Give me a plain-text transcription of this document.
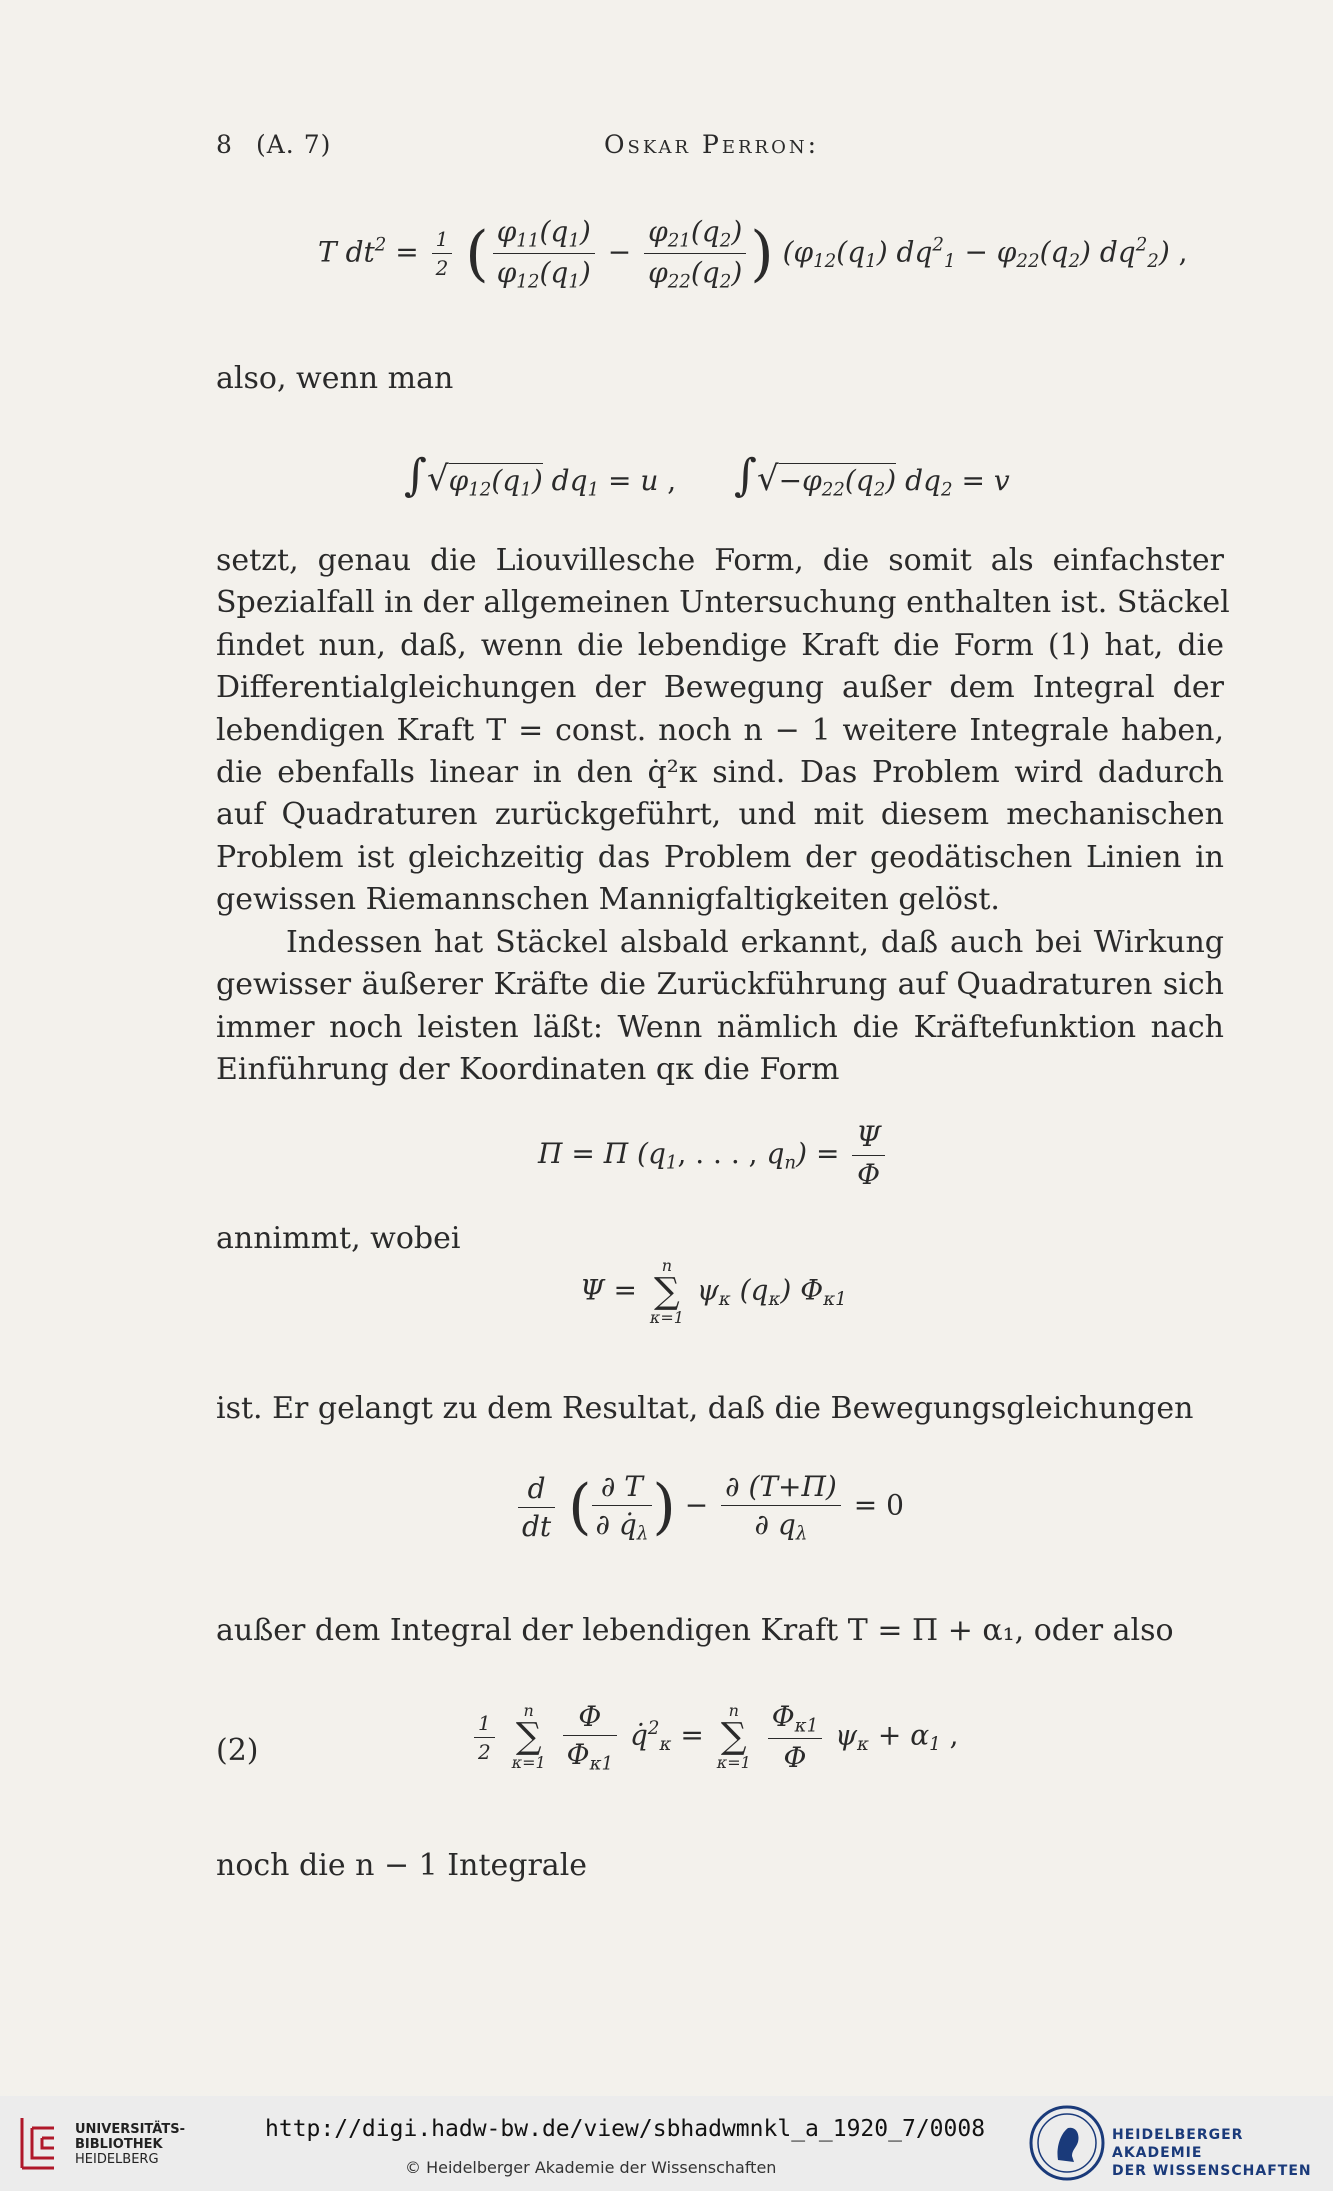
8 (A. 7)	Oskar Perron:
T $dt^2 = \frac{1}{2}$ ( $\frac{\varphi_{11}(q_1)}{\varphi_{12}(q_1)} - \frac{\varphi_{21}(q_2)}{\varphi_{22}(q_2)}$ ) ($\varphi_{12}(q_1) dq^2_1 - \varphi_{22}(q_2)$ $dq^2_2$) ,
also, wenn man
$\int√\varphi_{12}(q_1) dq_1 = u$ , $\int√-\varphi_{22}(q_2) dq_2 = v$
setzt, genau die Liouvillesche Form, die somit als einfachster
Spezialfall in der allgemeinen Untersuchung enthalten ist. Stäckel
findet nun, daß, wenn die lebendige Kraft die Form (1) hat, die
Differentialgleichungen der Bewegung außer dem Integral der
lebendigen Kraft T = const. noch n − 1 weitere Integrale haben,
die ebenfalls linear in den q̇²κ sind. Das Problem wird dadurch
auf Quadraturen zurückgeführt, und mit diesem mechanischen
Problem ist gleichzeitig das Problem der geodätischen Linien in
gewissen Riemannschen Mannigfaltigkeiten gelöst.
Indessen hat Stäckel alsbald erkannt, daß auch bei Wirkung
gewisser äußerer Kräfte die Zurückführung auf Quadraturen sich
immer noch leisten läßt: Wenn nämlich die Kräftefunktion nach
Einführung der Koordinaten qκ die Form
Π = Π ($q_1$, . . . , $q_n) = \frac{\Psi}{\Phi}$
annimmt, wobei
Ψ =
n
∑
κ=1
$\psi_\kappa$ $(q_\kappa)$ $\Phi_{\kappa 1}$
ist. Er gelangt zu dem Resultat, daß die Bewegungsgleichungen
$\frac{d}{dt}$ ( $\frac{\partial T}{\partial q̇_\lambda}$ ) − $\frac{\partial (T+\Pi)}{\partial q_\lambda} = 0$
außer dem Integral der lebendigen Kraft T = Π + α₁, oder also
(2)	$\frac{1}{2}$
	n
∑
κ=1
$\frac{\Phi}{\Phi_{\kappa 1}}$ q̇$^2_\kappa$ =
n
∑
κ=1
$\frac{\Phi_{\kappa 1}}{\Phi} \psi_\kappa + \alpha_1$ ,
noch die n − 1 Integrale
UNIVERSITÄTS-
BIBLIOTHEK
HEIDELBERG
http://digi.hadw-bw.de/view/sbhadwmnkl_a_1920_7/0008
© Heidelberger Akademie der Wissenschaften
HEIDELBERGER AKADEMIE
DER WISSENSCHAFTEN
